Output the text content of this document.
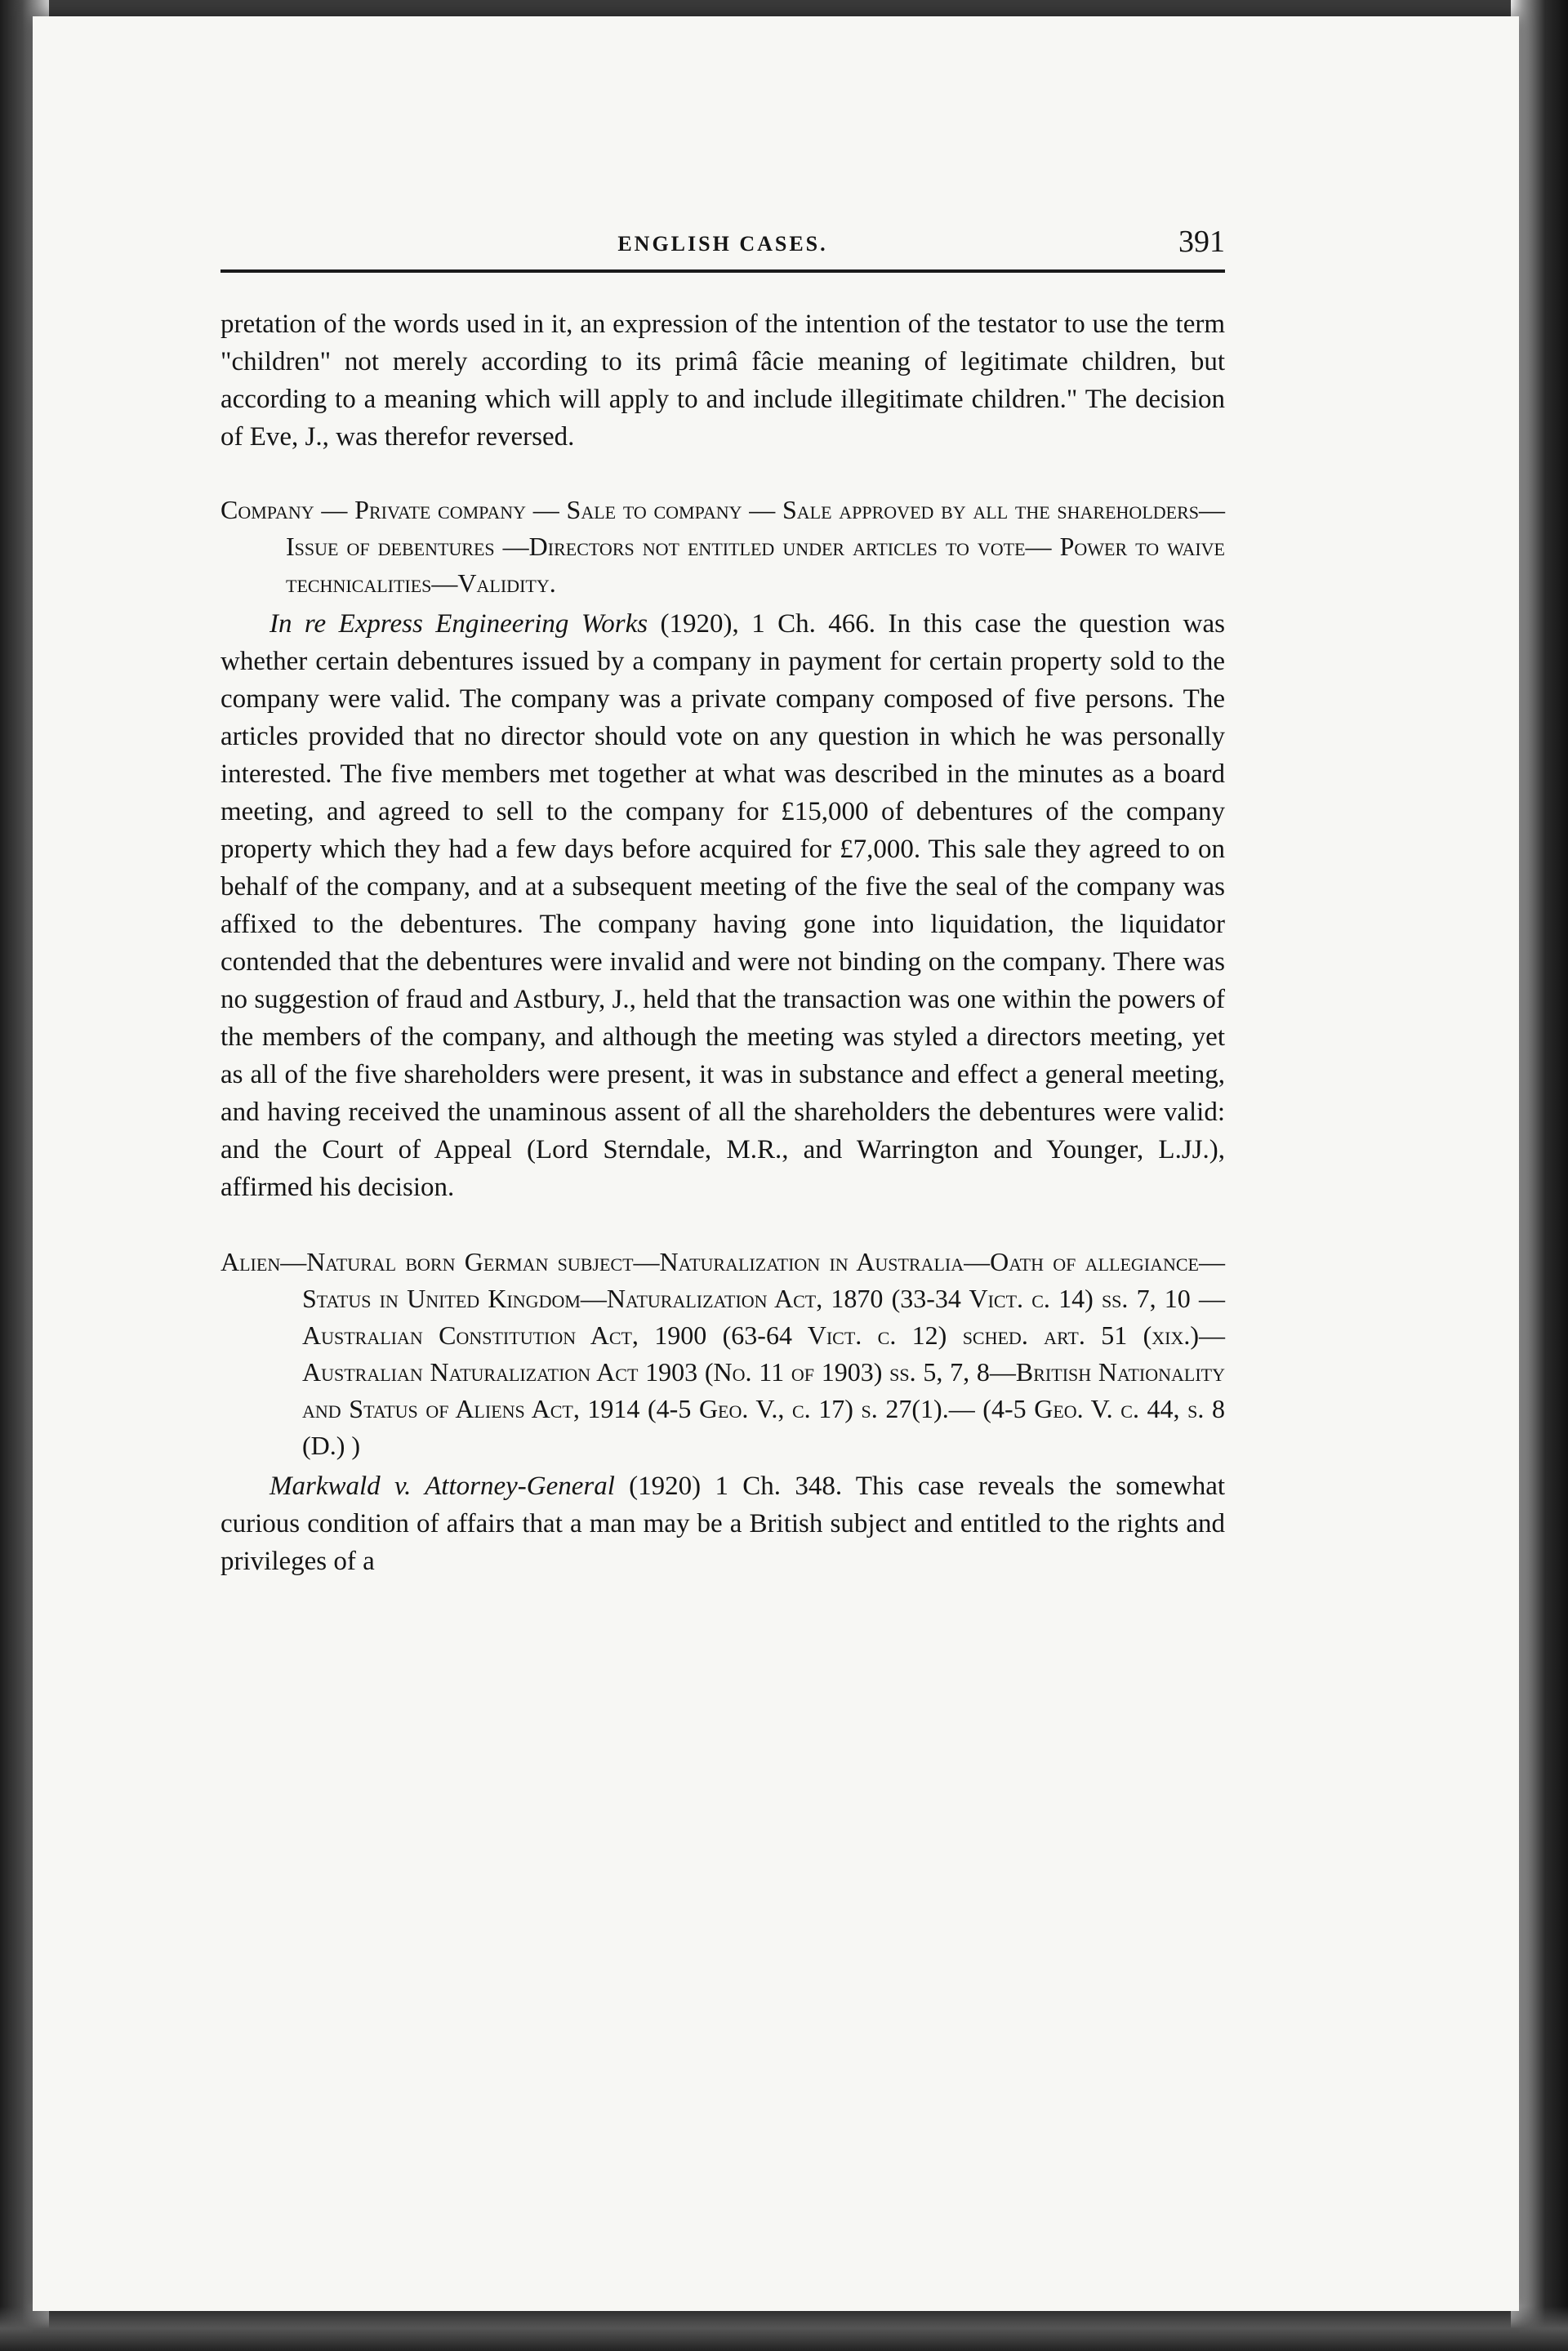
ENGLISH CASES.	391

pretation of the words used in it, an expression of the intention of the testator to use the term "children" not merely according to its primâ fâcie meaning of legitimate children, but according to a meaning which will apply to and include illegitimate children." The decision of Eve, J., was therefor reversed.

Company — Private company — Sale to company — Sale approved by all the shareholders—Issue of debentures —Directors not entitled under articles to vote— Power to waive technicalities—Validity.

In re Express Engineering Works (1920), 1 Ch. 466. In this case the question was whether certain debentures issued by a company in payment for certain property sold to the company were valid. The company was a private company composed of five persons. The articles provided that no director should vote on any question in which he was personally interested. The five members met together at what was described in the minutes as a board meeting, and agreed to sell to the company for £15,000 of debentures of the company property which they had a few days before acquired for £7,000. This sale they agreed to on behalf of the company, and at a subsequent meeting of the five the seal of the company was affixed to the debentures. The company having gone into liquidation, the liquidator contended that the debentures were invalid and were not binding on the company. There was no suggestion of fraud and Astbury, J., held that the transaction was one within the powers of the members of the company, and although the meeting was styled a directors meeting, yet as all of the five shareholders were present, it was in substance and effect a general meeting, and having received the unaminous assent of all the shareholders the debentures were valid: and the Court of Appeal (Lord Sterndale, M.R., and Warrington and Younger, L.JJ.), affirmed his decision.

Alien—Natural born German subject—Naturalization in Australia—Oath of allegiance—Status in United Kingdom—Naturalization Act, 1870 (33-34 Vict. c. 14) ss. 7, 10 —Australian Constitution Act, 1900 (63-64 Vict. c. 12) sched. art. 51 (xix.)—Australian Naturalization Act 1903 (No. 11 of 1903) ss. 5, 7, 8—British Nationality and Status of Aliens Act, 1914 (4-5 Geo. V., c. 17) s. 27(1).— (4-5 Geo. V. c. 44, s. 8 (D.) )

Markwald v. Attorney-General (1920) 1 Ch. 348. This case reveals the somewhat curious condition of affairs that a man may be a British subject and entitled to the rights and privileges of a
